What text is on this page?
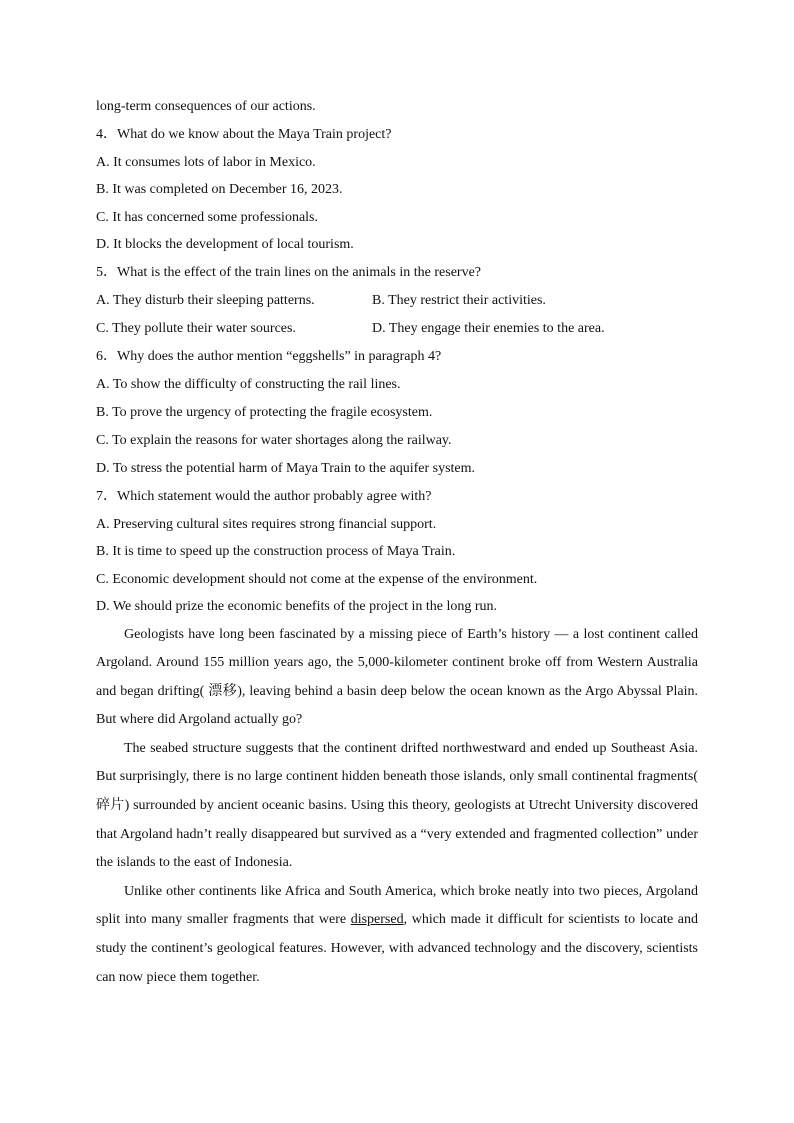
long-term consequences of our actions.
4．What do we know about the Maya Train project?
A. It consumes lots of labor in Mexico.
B. It was completed on December 16, 2023.
C. It has concerned some professionals.
D. It blocks the development of local tourism.
5．What is the effect of the train lines on the animals in the reserve?
A. They disturb their sleeping patterns.	B. They restrict their activities.
C. They pollute their water sources.	D. They engage their enemies to the area.
6．Why does the author mention “eggshells” in paragraph 4?
A. To show the difficulty of constructing the rail lines.
B. To prove the urgency of protecting the fragile ecosystem.
C. To explain the reasons for water shortages along the railway.
D. To stress the potential harm of Maya Train to the aquifer system.
7．Which statement would the author probably agree with?
A. Preserving cultural sites requires strong financial support.
B. It is time to speed up the construction process of Maya Train.
C. Economic development should not come at the expense of the environment.
D. We should prize the economic benefits of the project in the long run.

Geologists have long been fascinated by a missing piece of Earth’s history — a lost continent called Argoland. Around 155 million years ago, the 5,000-kilometer continent broke off from Western Australia and began drifting( 漂移), leaving behind a basin deep below the ocean known as the Argo Abyssal Plain. But where did Argoland actually go?

The seabed structure suggests that the continent drifted northwestward and ended up Southeast Asia. But surprisingly, there is no large continent hidden beneath those islands, only small continental fragments( 碎片) surrounded by ancient oceanic basins. Using this theory, geologists at Utrecht University discovered that Argoland hadn’t really disappeared but survived as a “very extended and fragmented collection” under the islands to the east of Indonesia.

Unlike other continents like Africa and South America, which broke neatly into two pieces, Argoland split into many smaller fragments that were dispersed, which made it difficult for scientists to locate and study the continent’s geological features. However, with advanced technology and the discovery, scientists can now piece them together.
